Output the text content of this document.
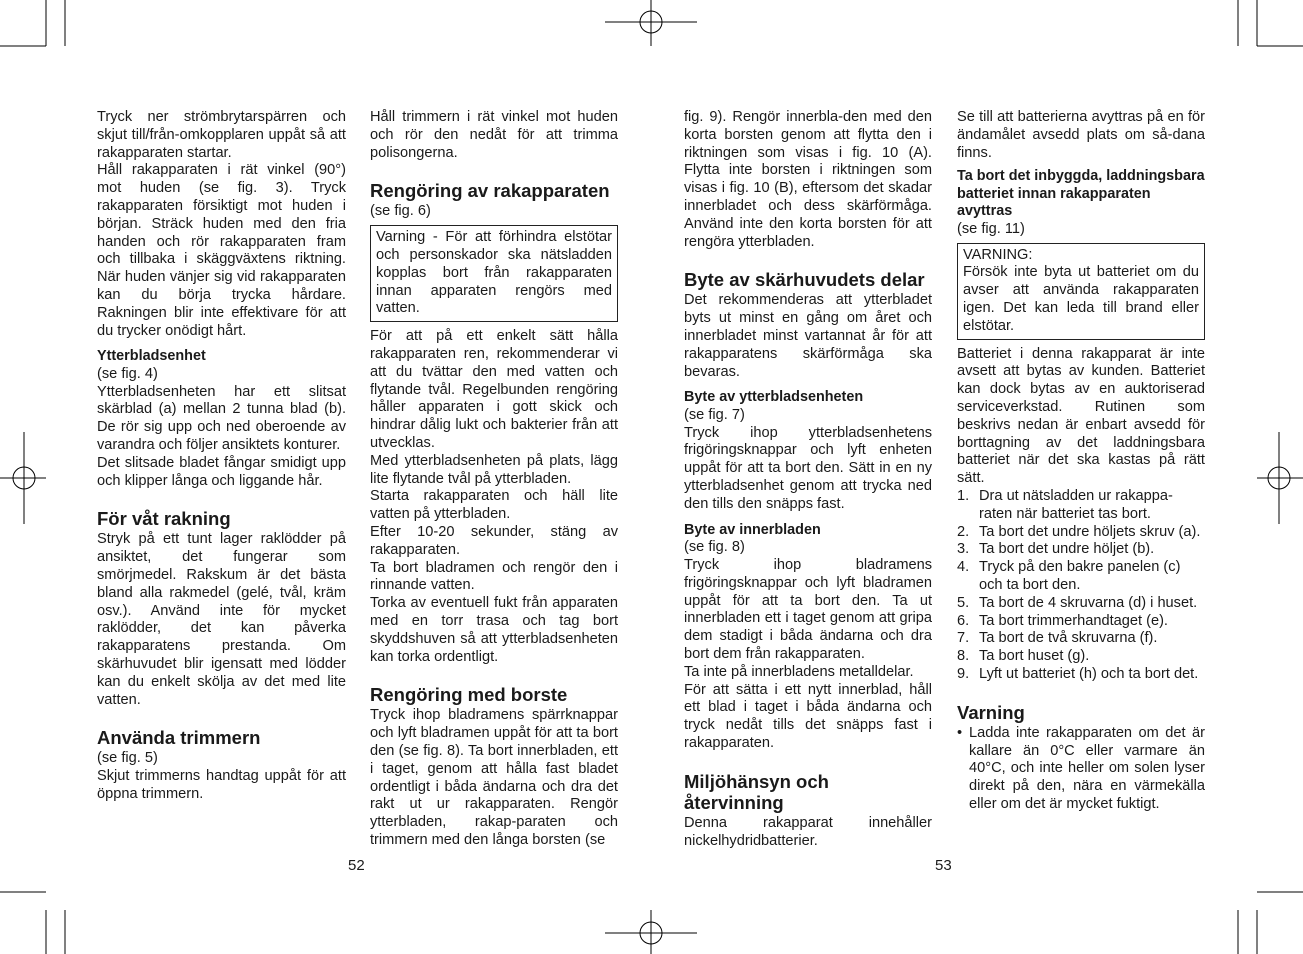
Tryck ner strömbrytarspärren och skjut till/från-omkopplaren uppåt så att rakapparaten startar.

Håll rakapparaten i rät vinkel (90°) mot huden (se fig. 3). Tryck rakapparaten försiktigt mot huden i början. Sträck huden med den fria handen och rör rakapparaten fram och tillbaka i skäggväxtens riktning. När huden vänjer sig vid rakapparaten kan du börja trycka hårdare. Rakningen blir inte effektivare för att du trycker onödigt hårt.

Ytterbladsenhet

(se fig. 4)

Ytterbladsenheten har ett slitsat skärblad (a) mellan 2 tunna blad (b). De rör sig upp och ned oberoende av varandra och följer ansiktets konturer.

Det slitsade bladet fångar smidigt upp och klipper långa och liggande hår.

För våt rakning

Stryk på ett tunt lager raklödder på ansiktet, det fungerar som smörjmedel. Rakskum är det bästa bland alla rakmedel (gelé, tvål, kräm osv.). Använd inte för mycket raklödder, det kan påverka rakapparatens prestanda. Om skärhuvudet blir igensatt med lödder kan du enkelt skölja av det med lite vatten.

Använda trimmern

(se fig. 5)

Skjut trimmerns handtag uppåt för att öppna trimmern.

Håll trimmern i rät vinkel mot huden och rör den nedåt för att trimma polisongerna.

Rengöring av rakapparaten

(se fig. 6)

Varning - För att förhindra elstötar och personskador ska nätsladden kopplas bort från rakapparaten innan apparaten rengörs med vatten.

För att på ett enkelt sätt hålla rakapparaten ren, rekommenderar vi att du tvättar den med vatten och flytande tvål. Regelbunden rengöring håller apparaten i gott skick och hindrar dålig lukt och bakterier från att utvecklas.

Med ytterbladsenheten på plats, lägg lite flytande tvål på ytterbladen.

Starta rakapparaten och häll lite vatten på ytterbladen.

Efter 10-20 sekunder, stäng av rakapparaten.

Ta bort bladramen och rengör den i rinnande vatten.

Torka av eventuell fukt från apparaten med en torr trasa och tag bort skyddshuven så att ytterbladsenheten kan torka ordentligt.

Rengöring med borste

Tryck ihop bladramens spärrknappar och lyft bladramen uppåt för att ta bort den (se fig. 8). Ta bort innerbladen, ett i taget, genom att hålla fast bladet ordentligt i båda ändarna och dra det rakt ut ur rakapparaten. Rengör ytterbladen, rakap-paraten och trimmern med den långa borsten (se

52

fig. 9). Rengör innerbla-den med den korta borsten genom att flytta den i riktningen som visas i fig. 10 (A). Flytta inte borsten i riktningen som visas i fig. 10 (B), eftersom det skadar innerbladet och dess skärförmåga. Använd inte den korta borsten för att rengöra ytterbladen.

Byte av skärhuvudets delar

Det rekommenderas att ytterbladet byts ut minst en gång om året och innerbladet minst vartannat år för att rakapparatens skärförmåga ska bevaras.

Byte av ytterbladsenheten

(se fig. 7)

Tryck ihop ytterbladsenhetens frigöringsknappar och lyft enheten uppåt för att ta bort den. Sätt in en ny ytterbladsenhet genom att trycka ned den tills den snäpps fast.

Byte av innerbladen

(se fig. 8)

Tryck ihop bladramens frigöringsknappar och lyft bladramen uppåt för att ta bort den. Ta ut innerbladen ett i taget genom att gripa dem stadigt i båda ändarna och dra bort dem från rakapparaten.

Ta inte på innerbladens metalldelar.

För att sätta i ett nytt innerblad, håll ett blad i taget i båda ändarna och tryck nedåt tills det snäpps fast i rakapparaten.

Miljöhänsyn och återvinning

Denna rakapparat innehåller nickelhydridbatterier.

Se till att batterierna avyttras på en för ändamålet avsedd plats om så-dana finns.

Ta bort det inbyggda, laddningsbara batteriet innan rakapparaten avyttras

(se fig. 11)

VARNING:

Försök inte byta ut batteriet om du avser att använda rakapparaten igen. Det kan leda till brand eller elstötar.

Batteriet i denna rakapparat är inte avsett att bytas av kunden. Batteriet kan dock bytas av en auktoriserad serviceverkstad. Rutinen som beskrivs nedan är enbart avsedd för borttagning av det laddningsbara batteriet när det ska kastas på rätt sätt.

1. Dra ut nätsladden ur rakappa-raten när batteriet tas bort.
2. Ta bort det undre höljets skruv (a).
3. Ta bort det undre höljet (b).
4. Tryck på den bakre panelen (c) och ta bort den.
5. Ta bort de 4 skruvarna (d) i huset.
6. Ta bort trimmerhandtaget (e).
7. Ta bort de två skruvarna (f).
8. Ta bort huset (g).
9. Lyft ut batteriet (h) och ta bort det.
Varning
• Ladda inte rakapparaten om det är kallare än 0°C eller varmare än 40°C, och inte heller om solen lyser direkt på den, nära en värmekälla eller om det är mycket fuktigt.
53
